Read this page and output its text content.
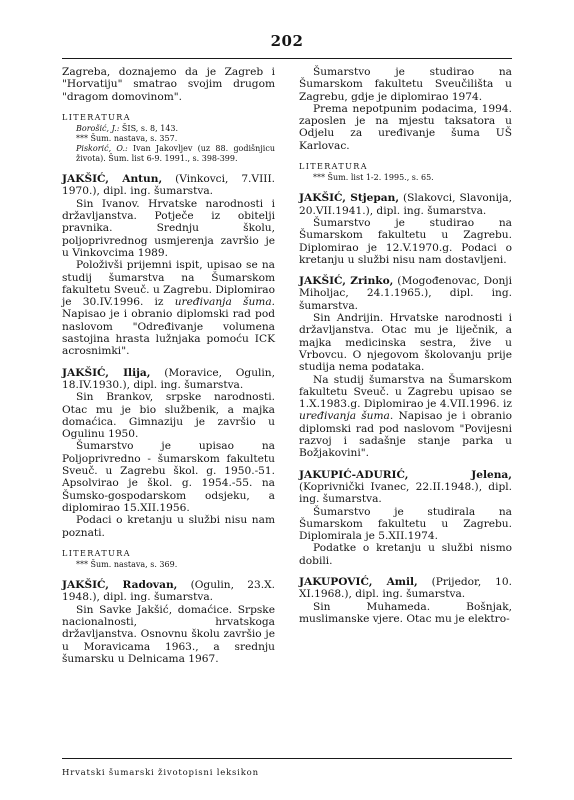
202

Zagreba, doznajemo da je Zagreb i "Horvatiju" smatrao svojim drugom "dragom domovinom".

LITERATURA

Borošić, J.: ŠIS, s. 8, 143.

*** Šum. nastava, s. 357.

Piskorić, O.: Ivan Jakovljev (uz 88. godišnjicu života). Šum. list 6-9. 1991., s. 398-399.

JAKŠIĆ, Antun, (Vinkovci, 7.VIII. 1970.), dipl. ing. šumarstva.

Sin Ivanov. Hrvatske narodnosti i državljanstva. Potječe iz obitelji pravnika. Srednju školu, poljoprivrednog usmjerenja završio je u Vinkovcima 1989.

Položivši prijemni ispit, upisao se na studij šumarstva na Šumarskom fakultetu Sveuč. u Zagrebu. Diplomirao je 30.IV.1996. iz uređivanja šuma. Napisao je i obranio diplomski rad pod naslovom "Određivanje volumena sastojina hrasta lužnjaka pomoću ICK acrosnimki".

JAKŠIĆ, Ilija, (Moravice, Ogulin, 18.IV.1930.), dipl. ing. šumarstva.

Sin Brankov, srpske narodnosti. Otac mu je bio službenik, a majka domaćica. Gimnaziju je završio u Ogulinu 1950.

Šumarstvo je upisao na Poljoprivredno - šumarskom fakultetu Sveuč. u Zagrebu škol. g. 1950.-51. Apsolvirao je škol. g. 1954.-55. na Šumsko-gospodarskom odsjeku, a diplomirao 15.XII.1956.

Podaci o kretanju u službi nisu nam poznati.

LITERATURA

*** Šum. nastava, s. 369.

JAKŠIĆ, Radovan, (Ogulin, 23.X. 1948.), dipl. ing. šumarstva.

Sin Savke Jakšić, domaćice. Srpske nacionalnosti, hrvatskoga državljanstva. Osnovnu školu završio je u Moravicama 1963., a srednju šumarsku u Delnicama 1967.

Šumarstvo je studirao na Šumarskom fakultetu Sveučilišta u Zagrebu, gdje je diplomirao 1974.

Prema nepotpunim podacima, 1994. zaposlen je na mjestu taksatora u Odjelu za uređivanje šuma UŠ Karlovac.

LITERATURA

*** Šum. list 1-2. 1995., s. 65.

JAKŠIĆ, Stjepan, (Slakovci, Slavonija, 20.VII.1941.), dipl. ing. šumarstva.

Šumarstvo je studirao na Šumarskom fakultetu u Zagrebu. Diplomirao je 12.V.1970.g. Podaci o kretanju u službi nisu nam dostavljeni.

JAKŠIĆ, Zrinko, (Mogođenovac, Donji Miholjac, 24.1.1965.), dipl. ing. šumarstva.

Sin Andrijin. Hrvatske narodnosti i državljanstva. Otac mu je liječnik, a majka medicinska sestra, žive u Vrbovcu. O njegovom školovanju prije studija nema podataka.

Na studij šumarstva na Šumarskom fakultetu Sveuč. u Zagrebu upisao se 1.X.1983.g. Diplomirao je 4.VII.1996. iz uređivanja šuma. Napisao je i obranio diplomski rad pod naslovom "Povijesni razvoj i sadašnje stanje parka u Božjakovini".

JAKUPIĆ-ADURIĆ, Jelena, (Koprivnički Ivanec, 22.II.1948.), dipl. ing. šumarstva.

Šumarstvo je studirala na Šumarskom fakultetu u Zagrebu. Diplomirala je 5.XII.1974.

Podatke o kretanju u službi nismo dobili.

JAKUPOVIĆ, Amil, (Prijedor, 10. XI.1968.), dipl. ing. šumarstva.

Sin Muhameda. Bošnjak, muslimanske vjere. Otac mu je elektro-

Hrvatski šumarski životopisni leksikon
